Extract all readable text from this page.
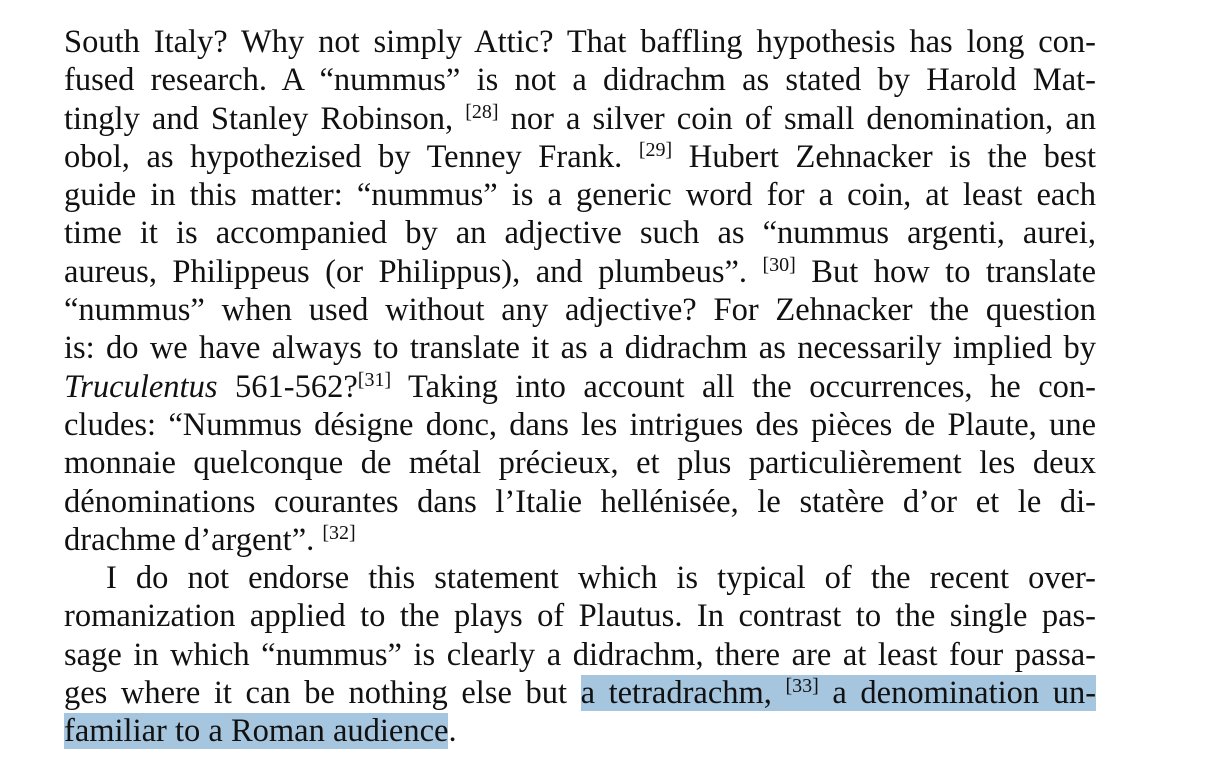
South Italy? Why not simply Attic? That baffling hypothesis has long con-
fused research. A “nummus” is not a didrachm as stated by Harold Mat-
tingly and Stanley Robinson, [28] nor a silver coin of small denomination, an
obol, as hypothezised by Tenney Frank. [29] Hubert Zehnacker is the best
guide in this matter: “nummus” is a generic word for a coin, at least each
time it is accompanied by an adjective such as “nummus argenti, aurei,
aureus, Philippeus (or Philippus), and plumbeus”. [30] But how to translate
“nummus” when used without any adjective? For Zehnacker the question
is: do we have always to translate it as a didrachm as necessarily implied by
Truculentus 561-562?[31] Taking into account all the occurrences, he con-
cludes: “Nummus désigne donc, dans les intrigues des pièces de Plaute, une
monnaie quelconque de métal précieux, et plus particulièrement les deux
dénominations courantes dans l’Italie hellénisée, le statère d’or et le di-
drachme d’argent”. [32]
I do not endorse this statement which is typical of the recent over-
romanization applied to the plays of Plautus. In contrast to the single pas-
sage in which “nummus” is clearly a didrachm, there are at least four passa-
ges where it can be nothing else but a tetradrachm, [33] a denomination un-
familiar to a Roman audience.
